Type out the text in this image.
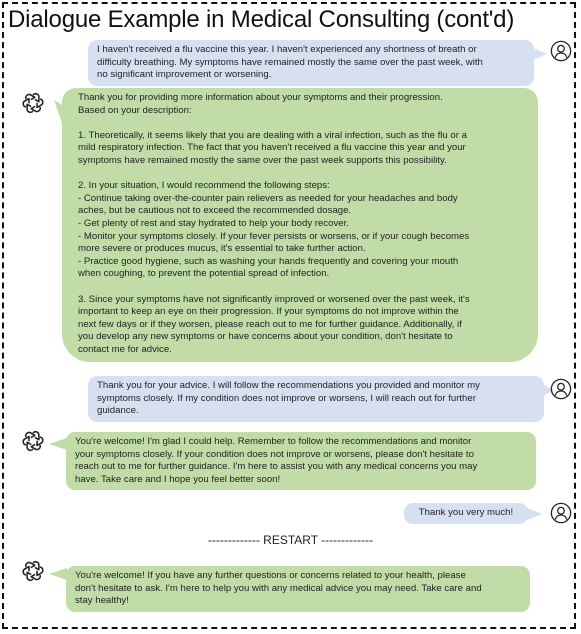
Dialogue Example in Medical Consulting (cont'd)
I haven't received a flu vaccine this year. I haven't experienced any shortness of breath or
difficulty breathing. My symptoms have remained mostly the same over the past week, with
no significant improvement or worsening.
Thank you for providing more information about your symptoms and their progression.
Based on your description:
1. Theoretically, it seems likely that you are dealing with a viral infection, such as the flu or a
mild respiratory infection. The fact that you haven't received a flu vaccine this year and your
symptoms have remained mostly the same over the past week supports this possibility.
2. In your situation, I would recommend the following steps:
- Continue taking over-the-counter pain relievers as needed for your headaches and body
aches, but be cautious not to exceed the recommended dosage.
- Get plenty of rest and stay hydrated to help your body recover.
- Monitor your symptoms closely. If your fever persists or worsens, or if your cough becomes
more severe or produces mucus, it's essential to take further action.
- Practice good hygiene, such as washing your hands frequently and covering your mouth
when coughing, to prevent the potential spread of infection.
3. Since your symptoms have not significantly improved or worsened over the past week, it's
important to keep an eye on their progression. If your symptoms do not improve within the
next few days or if they worsen, please reach out to me for further guidance. Additionally, if
you develop any new symptoms or have concerns about your condition, don't hesitate to
contact me for advice.
Thank you for your advice. I will follow the recommendations you provided and monitor my
symptoms closely. If my condition does not improve or worsens, I will reach out for further
guidance.
You're welcome! I'm glad I could help. Remember to follow the recommendations and monitor
your symptoms closely. If your condition does not improve or worsens, please don't hesitate to
reach out to me for further guidance. I'm here to assist you with any medical concerns you may
have. Take care and I hope you feel better soon!
Thank you very much!
------------- RESTART -------------
You're welcome! If you have any further questions or concerns related to your health, please
don't hesitate to ask. I'm here to help you with any medical advice you may need. Take care and
stay healthy!
